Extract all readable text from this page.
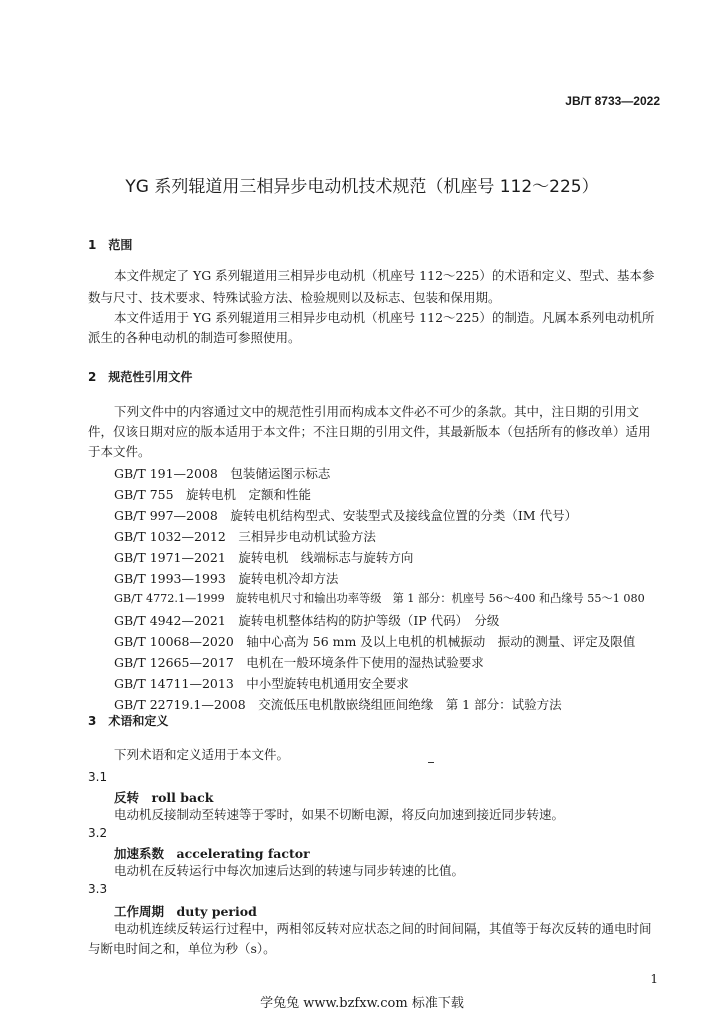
JB/T 8733—2022
YG 系列辊道用三相异步电动机技术规范（机座号 112～225）
1　范围
本文件规定了 YG 系列辊道用三相异步电动机（机座号 112～225）的术语和定义、型式、基本参
数与尺寸、技术要求、特殊试验方法、检验规则以及标志、包装和保用期。
本文件适用于 YG 系列辊道用三相异步电动机（机座号 112～225）的制造。凡属本系列电动机所
派生的各种电动机的制造可参照使用。
2　规范性引用文件
下列文件中的内容通过文中的规范性引用而构成本文件必不可少的条款。其中，注日期的引用文
件，仅该日期对应的版本适用于本文件；不注日期的引用文件，其最新版本（包括所有的修改单）适用
于本文件。
GB/T 191—2008　包装储运图示标志
GB/T 755　旋转电机　定额和性能
GB/T 997—2008　旋转电机结构型式、安装型式及接线盒位置的分类（IM 代号）
GB/T 1032—2012　三相异步电动机试验方法
GB/T 1971—2021　旋转电机　线端标志与旋转方向
GB/T 1993—1993　旋转电机冷却方法
GB/T 4772.1—1999　旋转电机尺寸和输出功率等级　第 1 部分：机座号 56～400 和凸缘号 55～1 080
GB/T 4942—2021　旋转电机整体结构的防护等级（IP 代码）　分级
GB/T 10068—2020　轴中心高为 56 mm 及以上电机的机械振动　振动的测量、评定及限值
GB/T 12665—2017　电机在一般环境条件下使用的湿热试验要求
GB/T 14711—2013　中小型旋转电机通用安全要求
GB/T 22719.1—2008　交流低压电机散嵌绕组匝间绝缘　第 1 部分：试验方法
3　术语和定义
下列术语和定义适用于本文件。
3.1
反转　roll back
电动机反接制动至转速等于零时，如果不切断电源，将反向加速到接近同步转速。
3.2
加速系数　accelerating factor
电动机在反转运行中每次加速后达到的转速与同步转速的比值。
3.3
工作周期　duty period
电动机连续反转运行过程中，两相邻反转对应状态之间的时间间隔，其值等于每次反转的通电时间
与断电时间之和，单位为秒（s）。
1
学兔兔 www.bzfxw.com 标准下载
